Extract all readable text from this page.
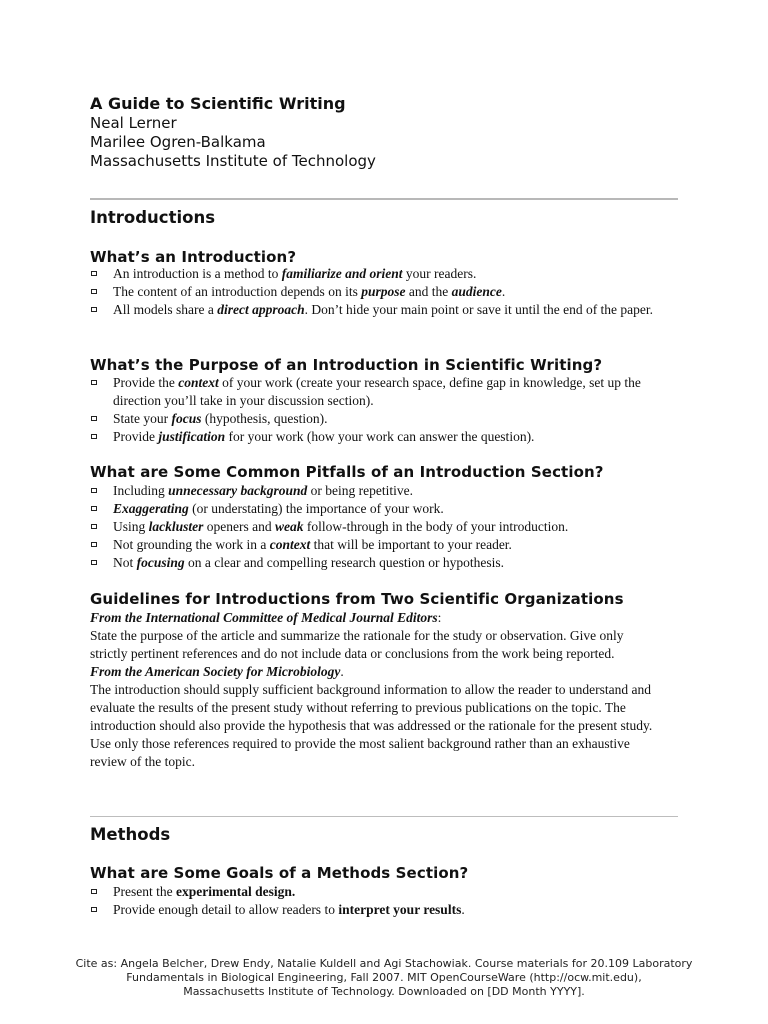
A Guide to Scientific Writing

Neal Lerner

Marilee Ogren-Balkama

Massachusetts Institute of Technology

Introductions
What’s an Introduction?
An introduction is a method to familiarize and orient your readers.
The content of an introduction depends on its purpose and the audience.
All models share a direct approach. Don’t hide your main point or save it until the end of the paper.
What’s the Purpose of an Introduction in Scientific Writing?
Provide the context of your work (create your research space, define gap in knowledge, set up the direction you’ll take in your discussion section).
State your focus (hypothesis, question).
Provide justification for your work (how your work can answer the question).
What are Some Common Pitfalls of an Introduction Section?
Including unnecessary background or being repetitive.
Exaggerating (or understating) the importance of your work.
Using lackluster openers and weak follow-through in the body of your introduction.
Not grounding the work in a context that will be important to your reader.
Not focusing on a clear and compelling research question or hypothesis.
Guidelines for Introductions from Two Scientific Organizations
From the International Committee of Medical Journal Editors:
State the purpose of the article and summarize the rationale for the study or observation. Give only strictly pertinent references and do not include data or conclusions from the work being reported.
From the American Society for Microbiology.
The introduction should supply sufficient background information to allow the reader to understand and evaluate the results of the present study without referring to previous publications on the topic. The introduction should also provide the hypothesis that was addressed or the rationale for the present study. Use only those references required to provide the most salient background rather than an exhaustive review of the topic.
Methods
What are Some Goals of a Methods Section?
Present the experimental design.
Provide enough detail to allow readers to interpret your results.
Cite as: Angela Belcher, Drew Endy, Natalie Kuldell and Agi Stachowiak. Course materials for 20.109 Laboratory
Fundamentals in Biological Engineering, Fall 2007. MIT OpenCourseWare (http://ocw.mit.edu),
Massachusetts Institute of Technology. Downloaded on [DD Month YYYY].
